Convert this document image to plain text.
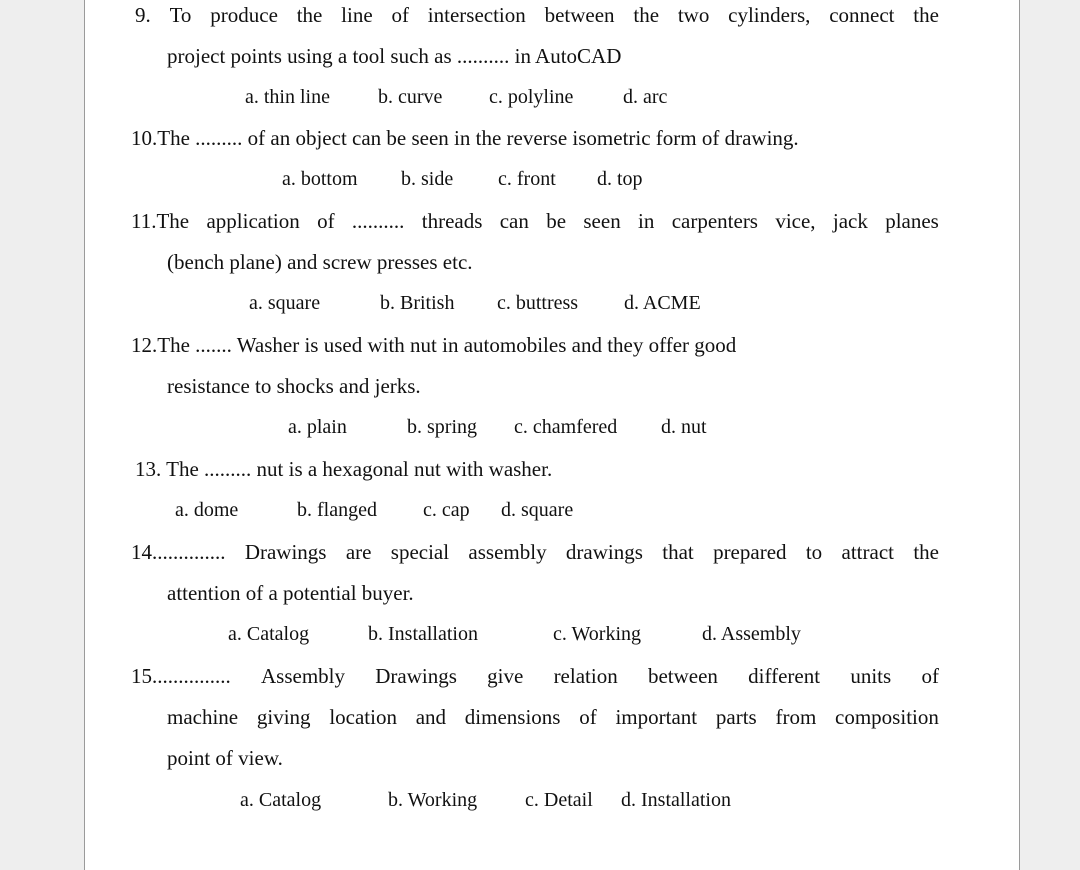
9. To produce the line of intersection between the two cylinders, connect the
project points using a tool such as .......... in AutoCAD
a. thin line b. curve c. polyline d. arc
10.The ......... of an object can be seen in the reverse isometric form of drawing.
a. bottom b. side c. front d. top
11.The application of .......... threads can be seen in carpenters vice, jack planes
(bench plane) and screw presses etc.
a. square	b. British c. buttress d. ACME
12.The ....... Washer is used with nut in automobiles and they offer good
resistance to shocks and jerks.
a. plain	b. spring c. chamfered d. nut
13. The ......... nut is a hexagonal nut with washer.
a. dome	b. flanged c. cap d. square
14.............. Drawings are special assembly drawings that prepared to attract the
attention of a potential buyer.
a. Catalog	b. Installation	c. Working	d. Assembly
15............... Assembly Drawings give relation between different units of
machine giving location and dimensions of important parts from composition
point of view.
a. Catalog	b. Working c. Detail d. Installation
